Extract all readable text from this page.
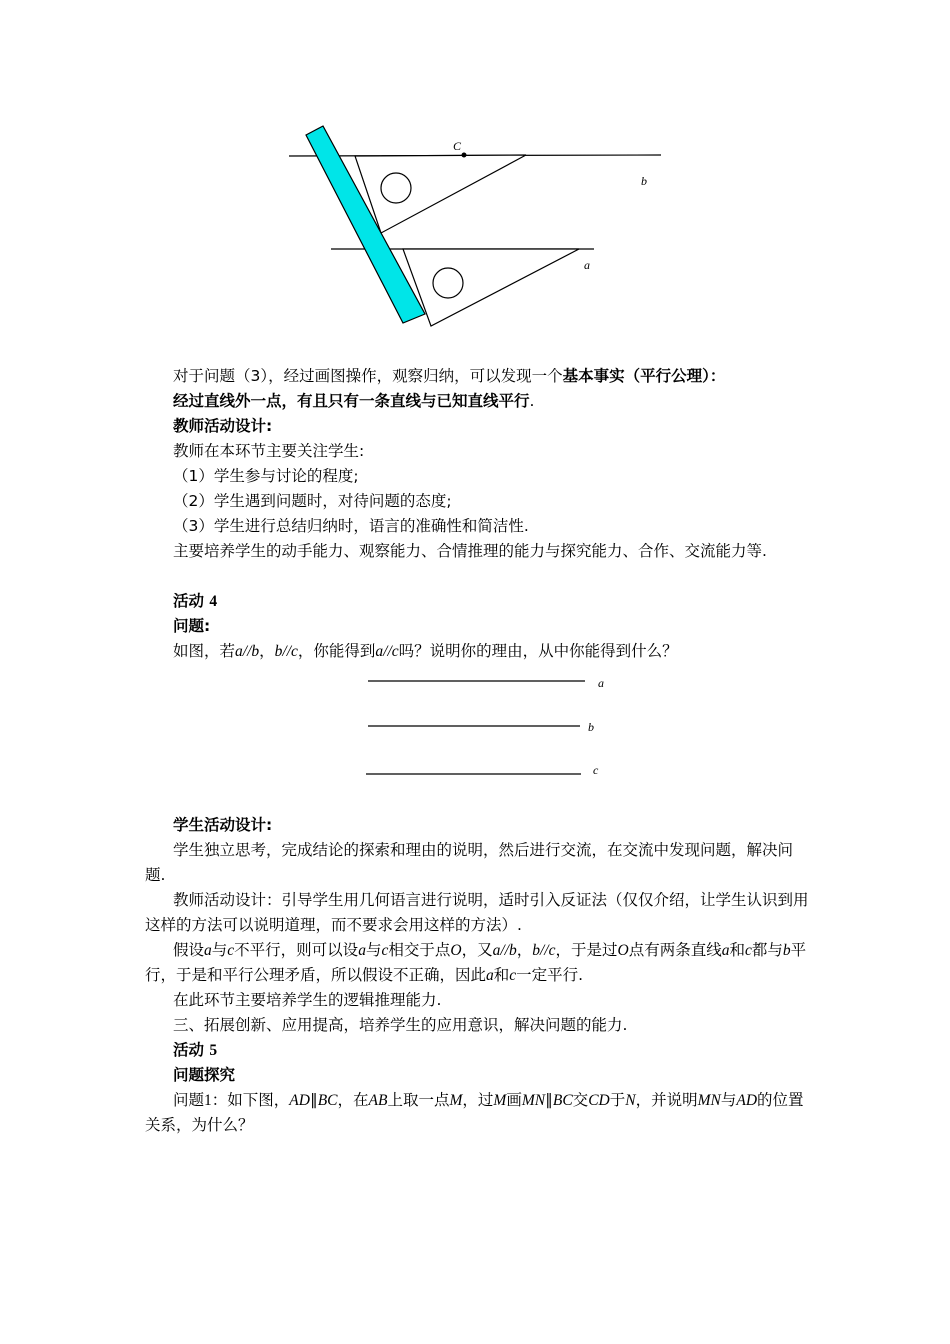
C
b
a
a
b
c

对于问题（3），经过画图操作，观察归纳，可以发现一个基本事实（平行公理）：

经过直线外一点，有且只有一条直线与已知直线平行.

教师活动设计:

教师在本环节主要关注学生:

（1）学生参与讨论的程度;

（2）学生遇到问题时，对待问题的态度;

（3）学生进行总结归纳时，语言的准确性和简洁性.

主要培养学生的动手能力、观察能力、合情推理的能力与探究能力、合作、交流能力等.

活动 4

问题:

如图，若a//b，b//c，你能得到a//c吗？说明你的理由，从中你能得到什么？

学生活动设计:

学生独立思考，完成结论的探索和理由的说明，然后进行交流，在交流中发现问题，解决问题.

教师活动设计：引导学生用几何语言进行说明，适时引入反证法（仅仅介绍，让学生认识到用这样的方法可以说明道理，而不要求会用这样的方法）.

假设a与c不平行，则可以设a与c相交于点O，又a//b，b//c，于是过O点有两条直线a和c都与b平行，于是和平行公理矛盾，所以假设不正确，因此a和c一定平行.

在此环节主要培养学生的逻辑推理能力.

三、拓展创新、应用提高，培养学生的应用意识，解决问题的能力.

活动 5

问题探究

问题1：如下图，AD∥BC，在AB上取一点M，过M画MN∥BC交CD于N，并说明MN与AD的位置关系，为什么？
